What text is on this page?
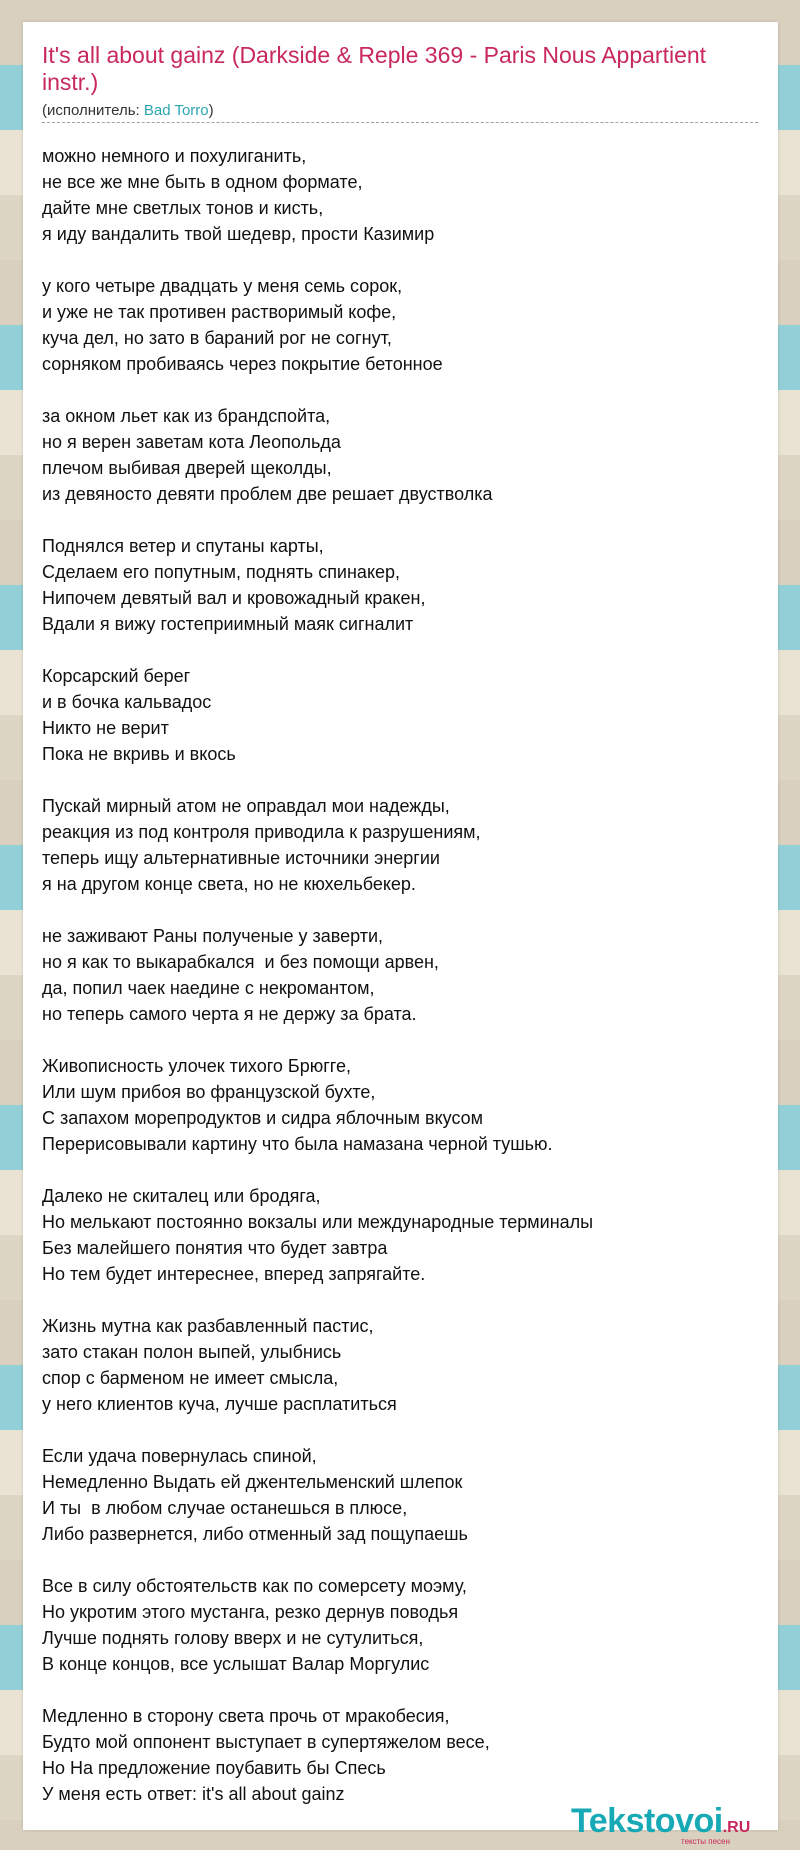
It's all about gainz (Darkside & Reple 369 - Paris Nous Appartient instr.)
(исполнитель: Bad Torro)
можно немного и похулиганить,
не все же мне быть в одном формате,
дайте мне светлых тонов и кисть,
я иду вандалить твой шедевр, прости Казимир
у кого четыре двадцать у меня семь сорок,
и уже не так противен растворимый кофе,
куча дел, но зато в бараний рог не согнут,
сорняком пробиваясь через покрытие бетонное
за окном льет как из брандспойта,
но я верен заветам кота Леопольда
плечом выбивая дверей щеколды,
из девяносто девяти проблем две решает двустволка
Поднялся ветер и спутаны карты,
Сделаем его попутным, поднять спинакер,
Нипочем девятый вал и кровожадный кракен,
Вдали я вижу гостеприимный маяк сигналит
Корсарский берег
и в бочка кальвадос
Никто не верит
Пока не вкривь и вкось
Пускай мирный атом не оправдал мои надежды,
реакция из под контроля приводила к разрушениям,
теперь ищу альтернативные источники энергии
я на другом конце света, но не кюхельбекер.
не заживают Раны полученые у заверти,
но я как то выкарабкался  и без помощи арвен,
да, попил чаек наедине с некромантом,
но теперь самого черта я не держу за брата.
Живописность улочек тихого Брюгге,
Или шум прибоя во французской бухте,
С запахом морепродуктов и сидра яблочным вкусом
Перерисовывали картину что была намазана черной тушью.
Далеко не скиталец или бродяга,
Но мелькают постоянно вокзалы или международные терминалы
Без малейшего понятия что будет завтра
Но тем будет интереснее, вперед запрягайте.
Жизнь мутна как разбавленный пастис,
зато стакан полон выпей, улыбнись
спор с барменом не имеет смысла,
у него клиентов куча, лучше расплатиться
Если удача повернулась спиной,
Немедленно Выдать ей джентельменский шлепок
И ты  в любом случае останешься в плюсе,
Либо развернется, либо отменный зад пощупаешь
Все в силу обстоятельств как по сомерсету моэму,
Но укротим этого мустанга, резко дернув поводья
Лучше поднять голову вверх и не сутулиться,
В конце концов, все услышат Валар Моргулис
Медленно в сторону света прочь от мракобесия,
Будто мой оппонент выступает в супертяжелом весе,
Но На предложение поубавить бы Спесь
У меня есть ответ: it's all about gainz
Tekstovoi.RU
тексты песен
